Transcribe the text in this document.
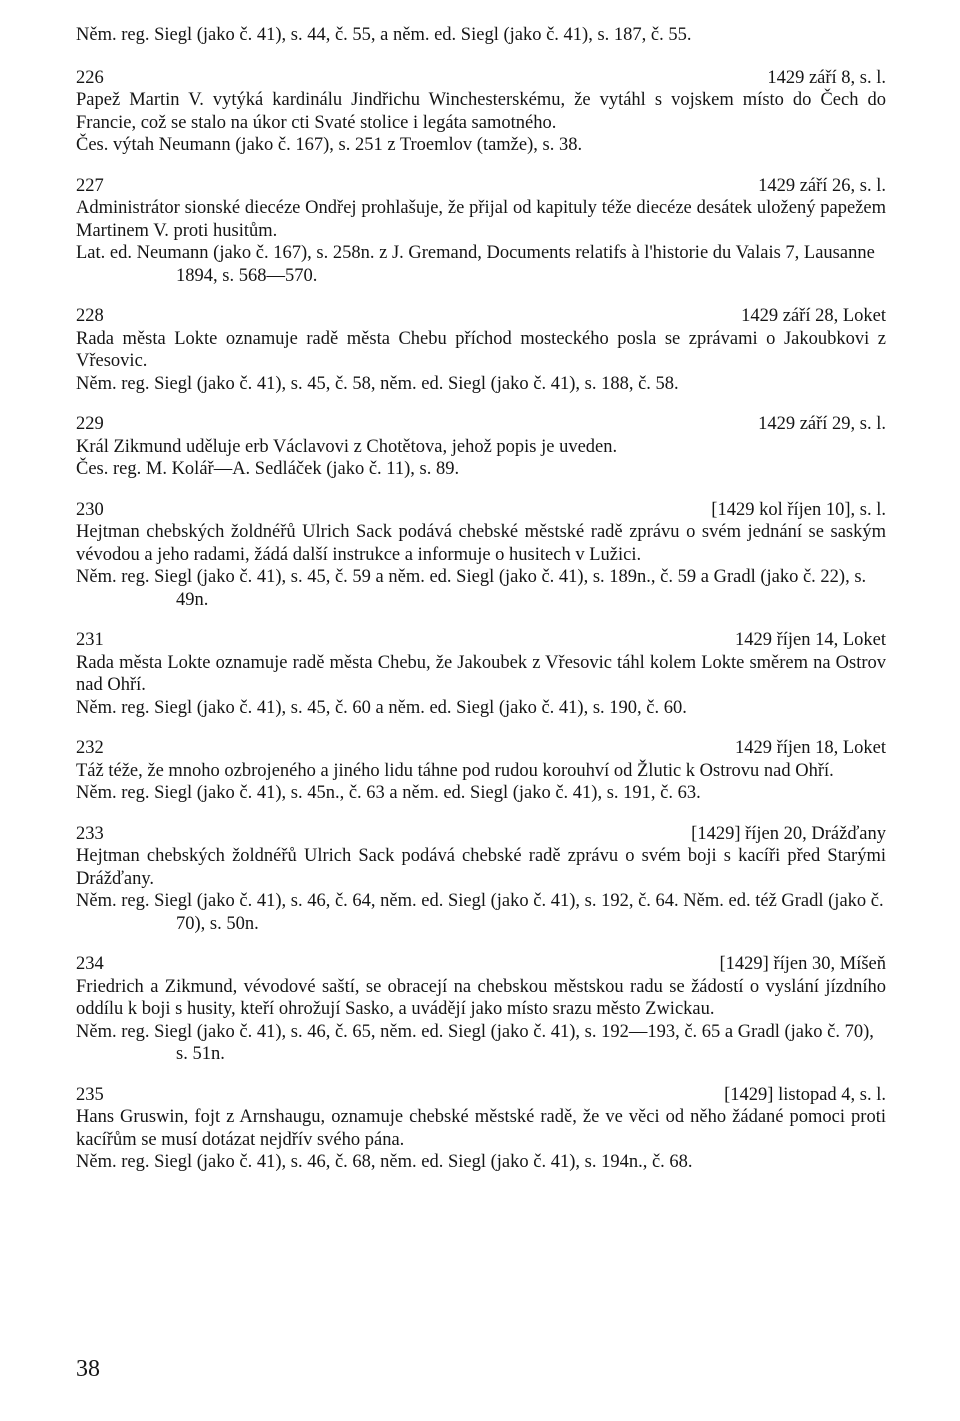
Něm. reg. Siegl (jako č. 41), s. 44, č. 55, a něm. ed. Siegl (jako č. 41), s. 187, č. 55.
226	1429 září 8, s. l.
Papež Martin V. vytýká kardinálu Jindřichu Winchesterskému, že vytáhl s vojskem místo do Čech do Francie, což se stalo na úkor cti Svaté stolice i legáta samotného.
Čes. výtah Neumann (jako č. 167), s. 251 z Troemlov (tamže), s. 38.
227	1429 září 26, s. l.
Administrátor sionské diecéze Ondřej prohlašuje, že přijal od kapituly téže diecéze desátek uložený papežem Martinem V. proti husitům.
Lat. ed. Neumann (jako č. 167), s. 258n. z J. Gremand, Documents relatifs à l'historie du Valais 7, Lausanne 1894, s. 568—570.
228	1429 září 28, Loket
Rada města Lokte oznamuje radě města Chebu příchod mosteckého posla se zprávami o Jakoubkovi z Vřesovic.
Něm. reg. Siegl (jako č. 41), s. 45, č. 58, něm. ed. Siegl (jako č. 41), s. 188, č. 58.
229	1429 září 29, s. l.
Král Zikmund uděluje erb Václavovi z Chotětova, jehož popis je uveden.
Čes. reg. M. Kolář—A. Sedláček (jako č. 11), s. 89.
230	[1429 kol říjen 10], s. l.
Hejtman chebských žoldnéřů Ulrich Sack podává chebské městské radě zprávu o svém jednání se saským vévodou a jeho radami, žádá další instrukce a informuje o husitech v Lužici.
Něm. reg. Siegl (jako č. 41), s. 45, č. 59 a něm. ed. Siegl (jako č. 41), s. 189n., č. 59 a Gradl (jako č. 22), s. 49n.
231	1429 říjen 14, Loket
Rada města Lokte oznamuje radě města Chebu, že Jakoubek z Vřesovic táhl kolem Lokte směrem na Ostrov nad Ohří.
Něm. reg. Siegl (jako č. 41), s. 45, č. 60 a něm. ed. Siegl (jako č. 41), s. 190, č. 60.
232	1429 říjen 18, Loket
Táž téže, že mnoho ozbrojeného a jiného lidu táhne pod rudou korouhví od Žlutic k Ostrovu nad Ohří.
Něm. reg. Siegl (jako č. 41), s. 45n., č. 63 a něm. ed. Siegl (jako č. 41), s. 191, č. 63.
233	[1429] říjen 20, Drážďany
Hejtman chebských žoldnéřů Ulrich Sack podává chebské radě zprávu o svém boji s kacíři před Starými Drážďany.
Něm. reg. Siegl (jako č. 41), s. 46, č. 64, něm. ed. Siegl (jako č. 41), s. 192, č. 64. Něm. ed. též Gradl (jako č. 70), s. 50n.
234	[1429] říjen 30, Míšeň
Friedrich a Zikmund, vévodové saští, se obracejí na chebskou městskou radu se žádostí o vyslání jízdního oddílu k boji s husity, kteří ohrožují Sasko, a uvádějí jako místo srazu město Zwickau.
Něm. reg. Siegl (jako č. 41), s. 46, č. 65, něm. ed. Siegl (jako č. 41), s. 192—193, č. 65 a Gradl (jako č. 70), s. 51n.
235	[1429] listopad 4, s. l.
Hans Gruswin, fojt z Arnshaugu, oznamuje chebské městské radě, že ve věci od něho žádané pomoci proti kacířům se musí dotázat nejdřív svého pána.
Něm. reg. Siegl (jako č. 41), s. 46, č. 68, něm. ed. Siegl (jako č. 41), s. 194n., č. 68.
38
